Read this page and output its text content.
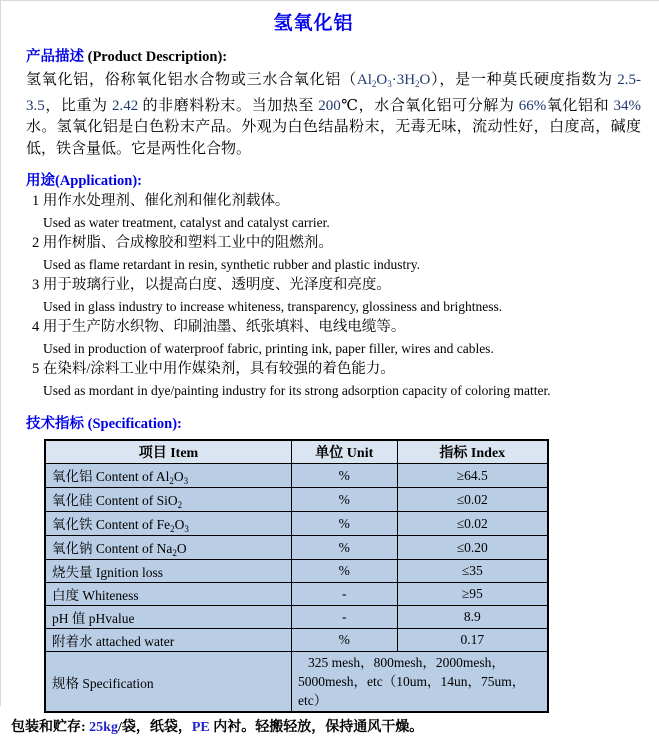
氢氧化铝

产品描述 (Product Description):

氢氧化铝，俗称氧化铝水合物或三水合氧化铝$(Al_2O_3\cdot 3H_2O)$，是一种莫氏硬度指数为 2.5-3.5，比重为 2.42 的非磨料粉末。当加热至 200℃，水合氧化铝可分解为 66%氧化铝和 34%水。氢氧化铝是白色粉末产品。外观为白色结晶粉末，无毒无味，流动性好，白度高，碱度低，铁含量低。它是两性化合物。

用途(Application):

1 用作水处理剂、催化剂和催化剂载体。
Used as water treatment, catalyst and catalyst carrier.
2 用作树脂、合成橡胶和塑料工业中的阻燃剂。
Used as flame retardant in resin, synthetic rubber and plastic industry.
3 用于玻璃行业，以提高白度、透明度、光泽度和亮度。
Used in glass industry to increase whiteness, transparency, glossiness and brightness.
4 用于生产防水织物、印刷油墨、纸张填料、电线电缆等。
Used in production of waterproof fabric, printing ink, paper filler, wires and cables.
5 在染料/涂料工业中用作媒染剂，具有较强的着色能力。
Used as mordant in dye/painting industry for its strong adsorption capacity of coloring matter.

技术指标 (Specification):

项目 Item	单位 Unit	指标 Index
氧化铝 Content of $Al_2O_3$	%	≥64.5
氧化硅 Content of SiO$_2$	%	≤0.02
氧化铁 Content of $Fe_2O_3$	%	≤0.02
氧化钠 Content of $Na_2O$	%	≤0.20
烧失量 Ignition loss	%	≤35
白度 Whiteness	-	≥95
pH 值 pHvalue	-	8.9
附着水 attached water	%	0.17
规格 Specification	325 mesh，800mesh，2000mesh，5000mesh，etc（10um，14un，75um，etc）	

包装和贮存: 25kg/袋，纸袋，PE 内衬。轻搬轻放，保持通风干燥。
